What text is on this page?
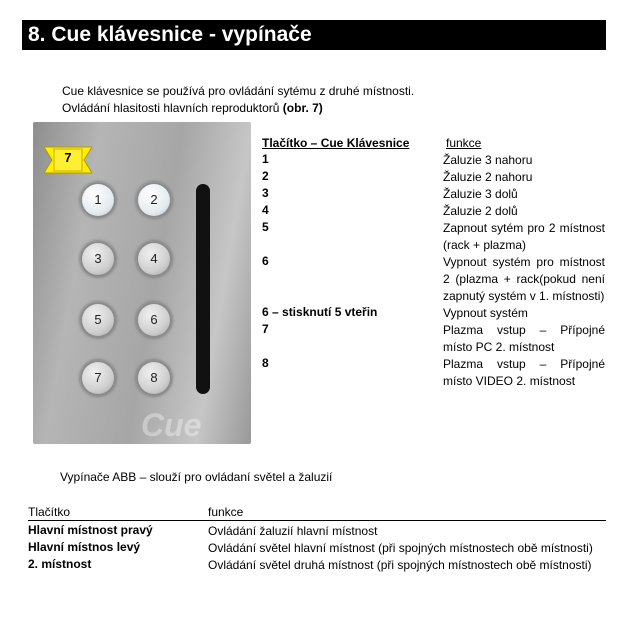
8. Cue klávesnice - vypínače
Cue klávesnice se používá pro ovládání sytému z druhé místnosti.
Ovládání hlasitosti hlavních reproduktorů (obr. 7)
1	2
3	4
5	6
7	8
Cue
7
Tlačítko – Cue Klávesnice	funkce
1	Žaluzie 3 nahoru
2	Žaluzie 2 nahoru
3	Žaluzie 3 dolů
4	Žaluzie 2 dolů
5	Zapnout sytém pro 2 místnost (rack + plazma)
6	Vypnout systém pro místnost 2 (plazma + rack(pokud není zapnutý systém v 1. místnosti)
6 – stisknutí 5 vteřin	Vypnout systém
7	Plazma vstup – Přípojné místo PC 2. místnost
8	Plazma vstup – Přípojné místo VIDEO 2. místnost
Vypínače ABB – slouží pro ovládaní světel a žaluzií
Tlačítko	funkce
Hlavní místnost pravý	Ovládání žaluzií hlavní místnost
Hlavní místnos levý	Ovládání světel hlavní místnost (při spojných místnostech obě místnosti)
2. místnost	Ovládání světel druhá místnost (při spojných místnostech obě místnosti)
